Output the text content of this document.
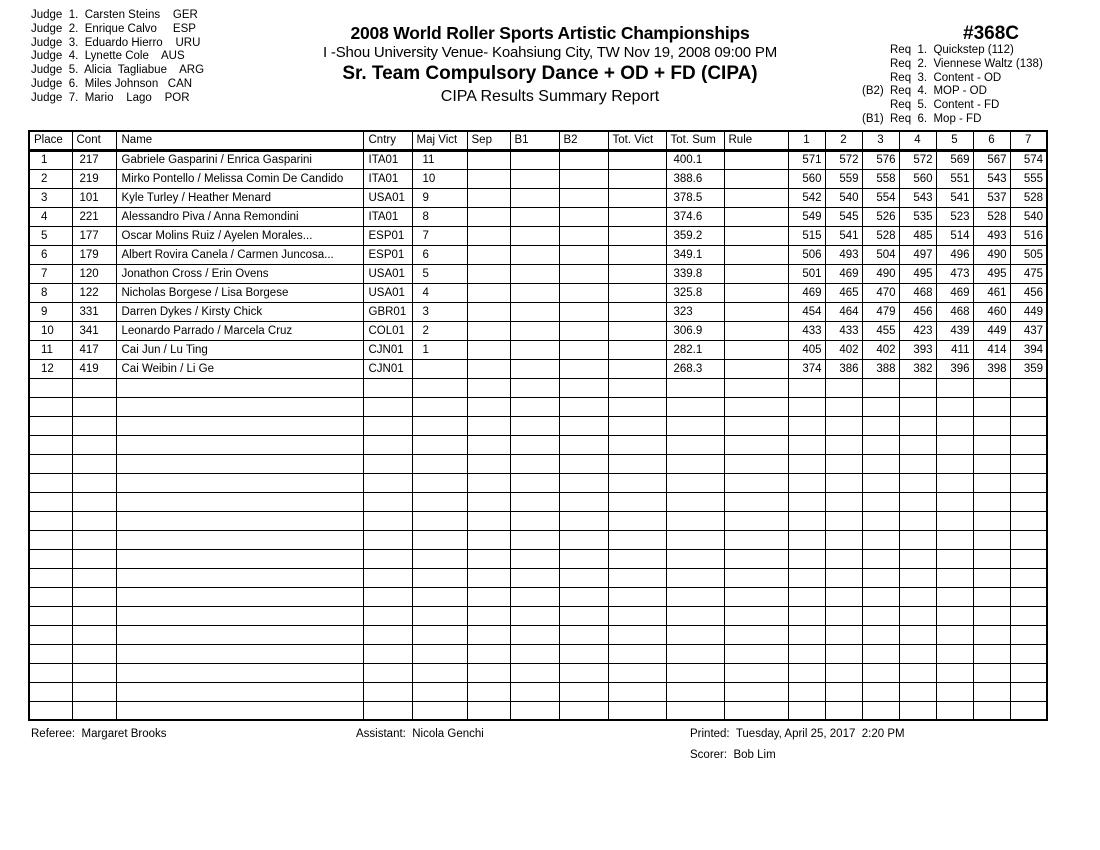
Judge  1.  Carsten Steins    GER
Judge  2.  Enrique Calvo     ESP
Judge  3.  Eduardo Hierro    URU
Judge  4.  Lynette Cole    AUS
Judge  5.  Alicia  Tagliabue    ARG
Judge  6.  Miles Johnson   CAN
Judge  7.  Mario    Lago    POR
2008 World Roller Sports Artistic Championships
I -Shou University Venue- Koahsiung City, TW Nov 19, 2008 09:00 PM
Sr. Team Compulsory Dance + OD + FD (CIPA)
CIPA Results Summary Report
#368C
Req  1.  Quickstep (112)
Req  2.  Viennese Waltz (138)
Req  3.  Content - OD
(B2) Req  4.  MOP - OD
Req  5.  Content - FD
(B1) Req  6.  Mop - FD
Place	Cont	Name	Cntry	Maj Vict	Sep	B1	B2	Tot. Vict	Tot. Sum	Rule	1	2	3	4	5	6	7
1	217	Gabriele Gasparini / Enrica Gasparini	ITA01	11					400.1		571	572	576	572	569	567	574
2	219	Mirko Pontello / Melissa Comin De Candido	ITA01	10					388.6		560	559	558	560	551	543	555
3	101	Kyle Turley / Heather Menard	USA01	9					378.5		542	540	554	543	541	537	528
4	221	Alessandro Piva / Anna Remondini	ITA01	8					374.6		549	545	526	535	523	528	540
5	177	Oscar Molins Ruiz / Ayelen Morales...	ESP01	7					359.2		515	541	528	485	514	493	516
6	179	Albert Rovira Canela / Carmen Juncosa...	ESP01	6					349.1		506	493	504	497	496	490	505
7	120	Jonathon Cross / Erin Ovens	USA01	5					339.8		501	469	490	495	473	495	475
8	122	Nicholas Borgese / Lisa Borgese	USA01	4					325.8		469	465	470	468	469	461	456
9	331	Darren Dykes / Kirsty Chick	GBR01	3					323		454	464	479	456	468	460	449
10	341	Leonardo Parrado / Marcela Cruz	COL01	2					306.9		433	433	455	423	439	449	437
11	417	Cai Jun / Lu Ting	CJN01	1					282.1		405	402	402	393	411	414	394
12	419	Cai Weibin / Li Ge	CJN01						268.3		374	386	388	382	396	398	359

Referee:  Margaret Brooks	Assistant:  Nicola Genchi	Printed:  Tuesday, April 25, 2017  2:20 PM
Scorer:  Bob Lim
